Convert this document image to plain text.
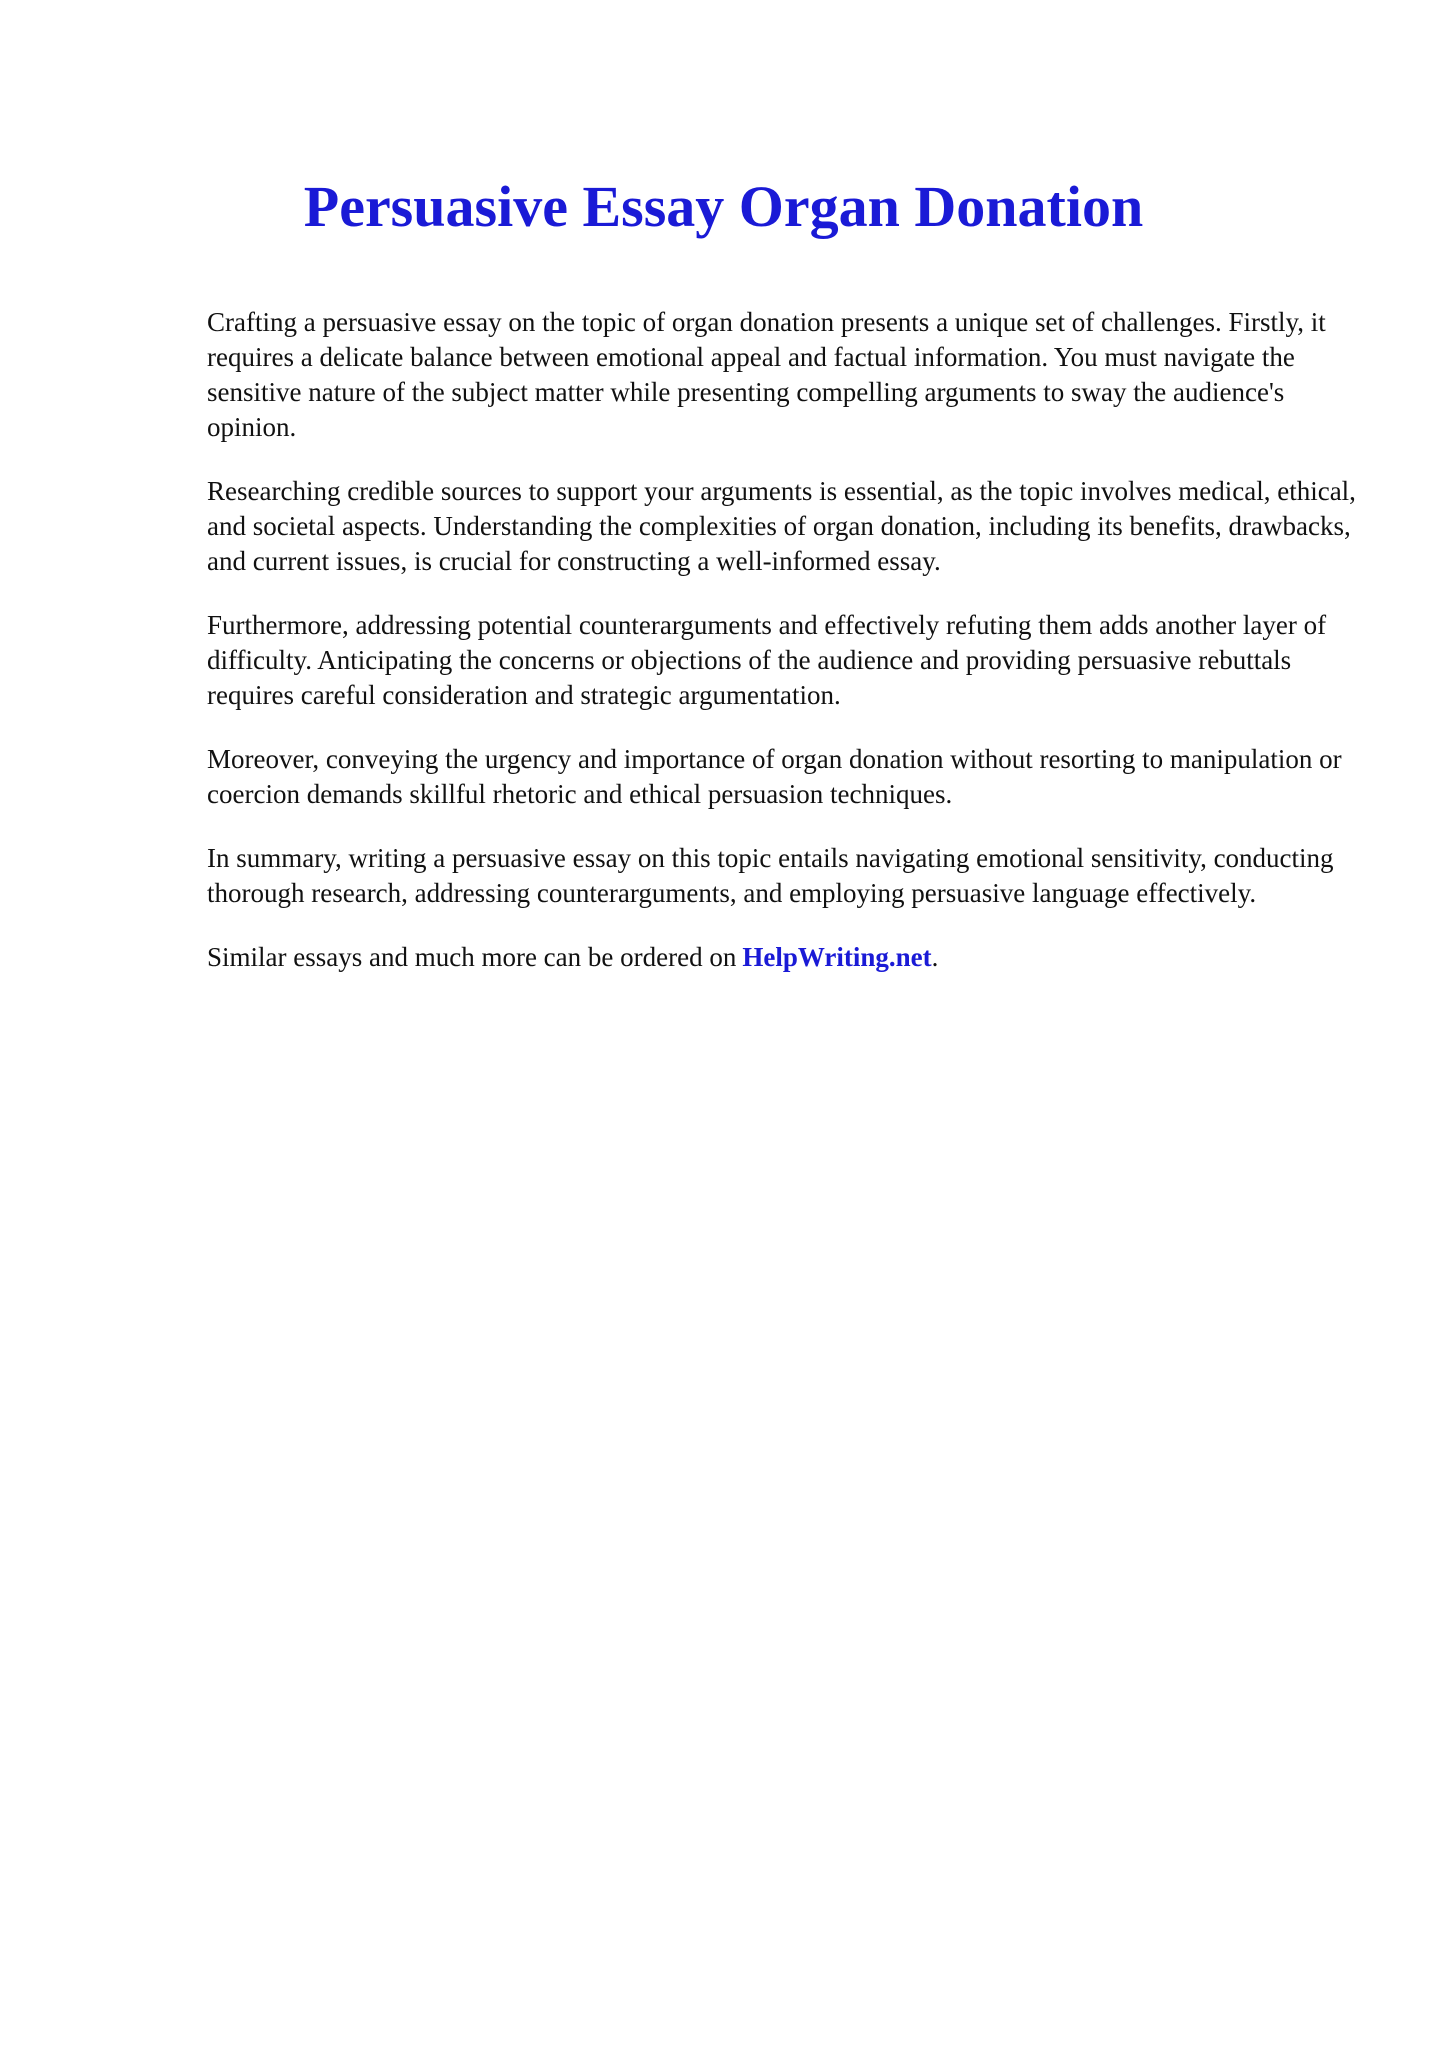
Persuasive Essay Organ Donation

Crafting a persuasive essay on the topic of organ donation presents a unique set of challenges. Firstly, it requires a delicate balance between emotional appeal and factual information. You must navigate the sensitive nature of the subject matter while presenting compelling arguments to sway the audience's opinion.

Researching credible sources to support your arguments is essential, as the topic involves medical, ethical, and societal aspects. Understanding the complexities of organ donation, including its benefits, drawbacks, and current issues, is crucial for constructing a well-informed essay.

Furthermore, addressing potential counterarguments and effectively refuting them adds another layer of difficulty. Anticipating the concerns or objections of the audience and providing persuasive rebuttals requires careful consideration and strategic argumentation.

Moreover, conveying the urgency and importance of organ donation without resorting to manipulation or coercion demands skillful rhetoric and ethical persuasion techniques.

In summary, writing a persuasive essay on this topic entails navigating emotional sensitivity, conducting thorough research, addressing counterarguments, and employing persuasive language effectively.

Similar essays and much more can be ordered on HelpWriting.net.
